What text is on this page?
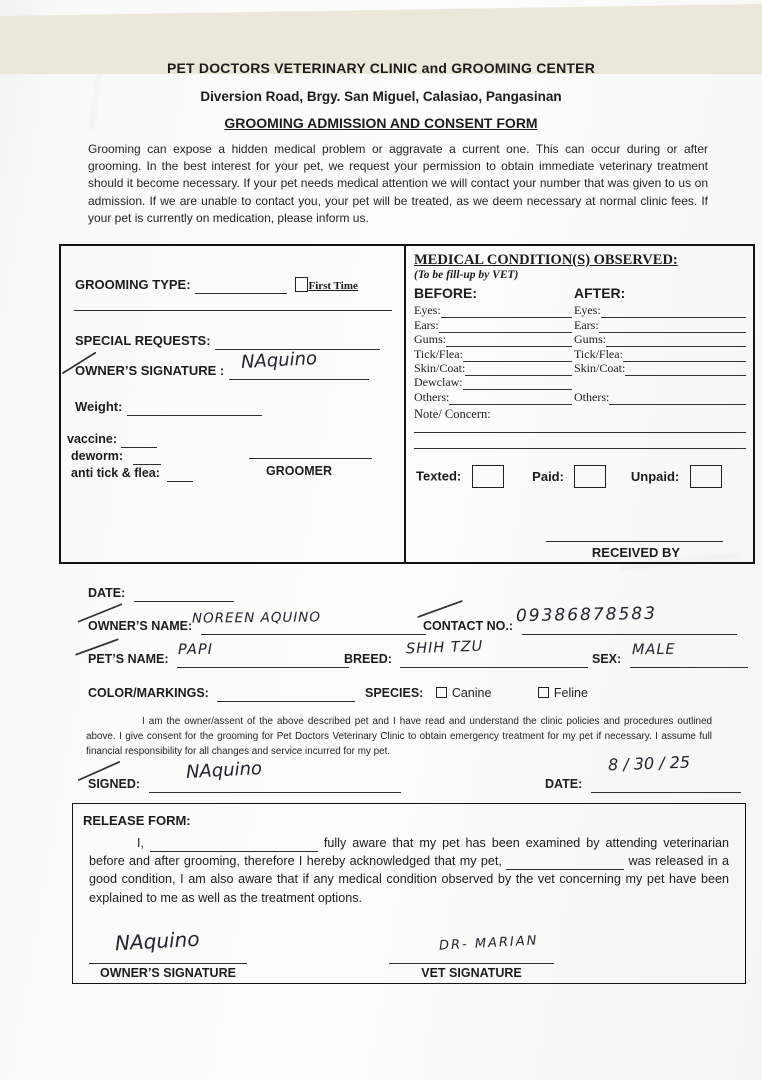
PET DOCTORS VETERINARY CLINIC and GROOMING CENTER
Diversion Road, Brgy. San Miguel, Calasiao, Pangasinan
GROOMING ADMISSION AND CONSENT FORM
Grooming can expose a hidden medical problem or aggravate a current one. This can occur during or after grooming. In the best interest for your pet, we request your permission to obtain immediate veterinary treatment should it become necessary. If your pet needs medical attention we will contact your number that was given to us on admission. If we are unable to contact you, your pet will be treated, as we deem necessary at normal clinic fees. If your pet is currently on medication, please inform us.
GROOMING TYPE:	First Time
SPECIAL REQUESTS:
OWNER’S SIGNATURE : NAquino
Weight:
vaccine:
deworm:
anti tick & flea:	GROOMER
MEDICAL CONDITION(S) OBSERVED:
(To be fill-up by VET)
BEFORE:	AFTER:
Eyes:	Eyes:
Ears:	Ears:
Gums:	Gums:
Tick/Flea:	Tick/Flea:
Skin/Coat:	Skin/Coat:
Dewclaw:
Others:	Others:
Note/ Concern:
Texted:	Paid:	Unpaid:
RECEIVED BY
DATE:
OWNER’S NAME: NOREEN AQUINO	CONTACT NO.: 09386878583
PET’S NAME:
PAPI
BREED:
SHIH TZU
SEX:
MALE
COLOR/MARKINGS:	SPECIES: Canine	Feline
I am the owner/assent of the above described pet and I have read and understand the clinic policies and procedures outlined above. I give consent for the grooming for Pet Doctors Veterinary Clinic to obtain emergency treatment for my pet if necessary. I assume full financial responsibility for all changes and service incurred for my pet.
SIGNED:
NAquino
DATE:
8 / 30 / 25
RELEASE FORM:

I,	fully aware that my pet has been examined by attending veterinarian before and after grooming, therefore I hereby acknowledged that my pet,	was released in a good condition, I am also aware that if any medical condition observed by the vet concerning my pet have been explained to me as well as the treatment options.

NAquino
OWNER’S SIGNATURE
DR- MARIAN
VET SIGNATURE
